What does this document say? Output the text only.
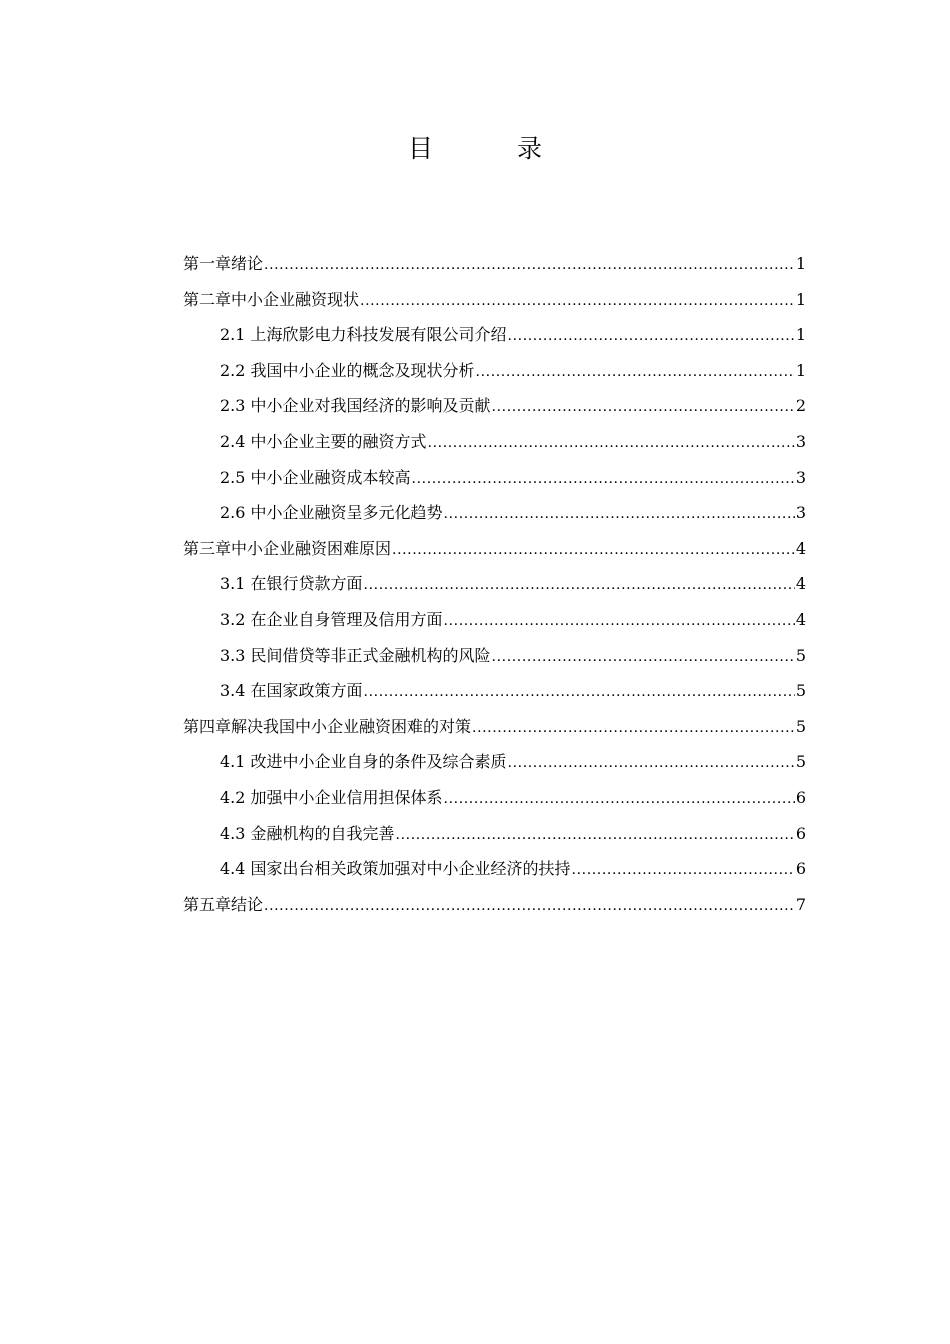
目 录
第一章绪论 .....	1
第二章中小企业融资现状 .....	1
2.1 上海欣影电力科技发展有限公司介绍 .....	1
2.2 我国中小企业的概念及现状分析 .....	1
2.3 中小企业对我国经济的影响及贡献 .....	2
2.4 中小企业主要的融资方式 .....	3
2.5 中小企业融资成本较高 .....	3
2.6 中小企业融资呈多元化趋势 .....	3
第三章中小企业融资困难原因 .....	4
3.1 在银行贷款方面 .....	4
3.2 在企业自身管理及信用方面 .....	4
3.3 民间借贷等非正式金融机构的风险 .....	5
3.4 在国家政策方面 .....	5
第四章解决我国中小企业融资困难的对策 .....	5
4.1 改进中小企业自身的条件及综合素质 .....	5
4.2 加强中小企业信用担保体系 .....	6
4.3 金融机构的自我完善 .....	6
4.4 国家出台相关政策加强对中小企业经济的扶持 .....	6
第五章结论 .....	7
